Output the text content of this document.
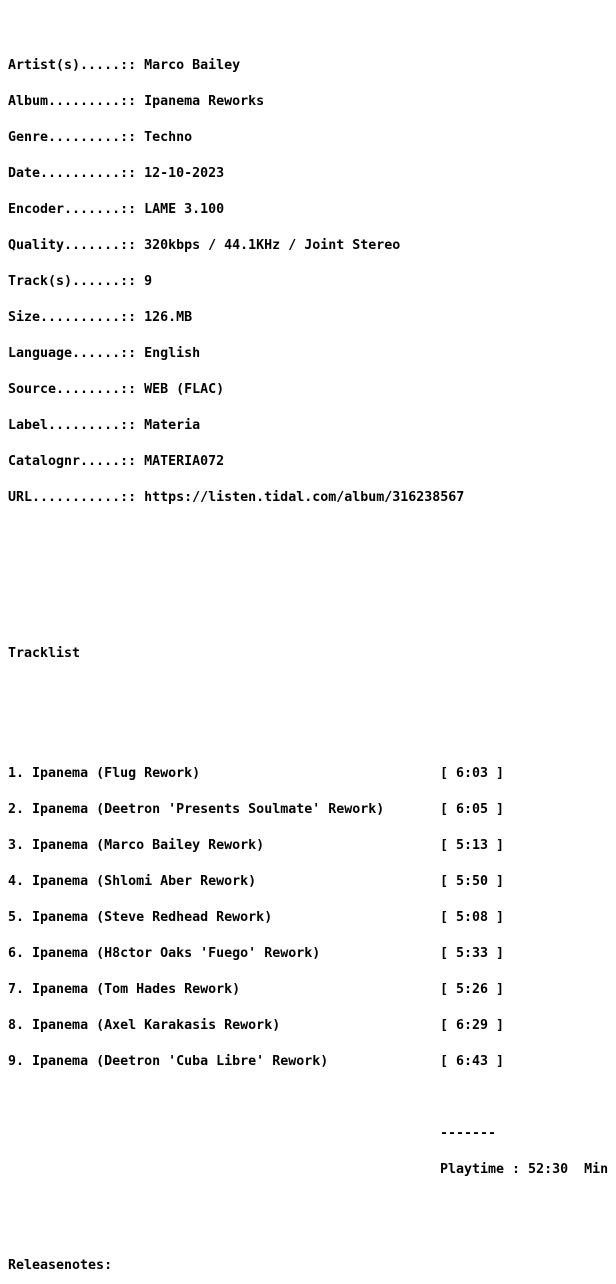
Artist(s).....:: Marco Bailey

Album.........:: Ipanema Reworks

Genre.........:: Techno

Date..........:: 12-10-2023

Encoder.......:: LAME 3.100

Quality.......:: 320kbps / 44.1KHz / Joint Stereo

Track(s)......:: 9

Size..........:: 126.MB

Language......:: English

Source........:: WEB (FLAC)

Label.........:: Materia

Catalognr.....:: MATERIA072

URL...........:: https://listen.tidal.com/album/316238567

Tracklist

1. Ipanema (Flug Rework)	[ 6:03 ]

2. Ipanema (Deetron 'Presents Soulmate' Rework)	[ 6:05 ]

3. Ipanema (Marco Bailey Rework)	[ 5:13 ]

4. Ipanema (Shlomi Aber Rework)	[ 5:50 ]

5. Ipanema (Steve Redhead Rework)	[ 5:08 ]

6. Ipanema (H8ctor Oaks 'Fuego' Rework)	[ 5:33 ]

7. Ipanema (Tom Hades Rework)	[ 5:26 ]

8. Ipanema (Axel Karakasis Rework)	[ 6:29 ]

9. Ipanema (Deetron 'Cuba Libre' Rework)	[ 6:43 ]

-------

Playtime : 52:30  Min

Releasenotes:
